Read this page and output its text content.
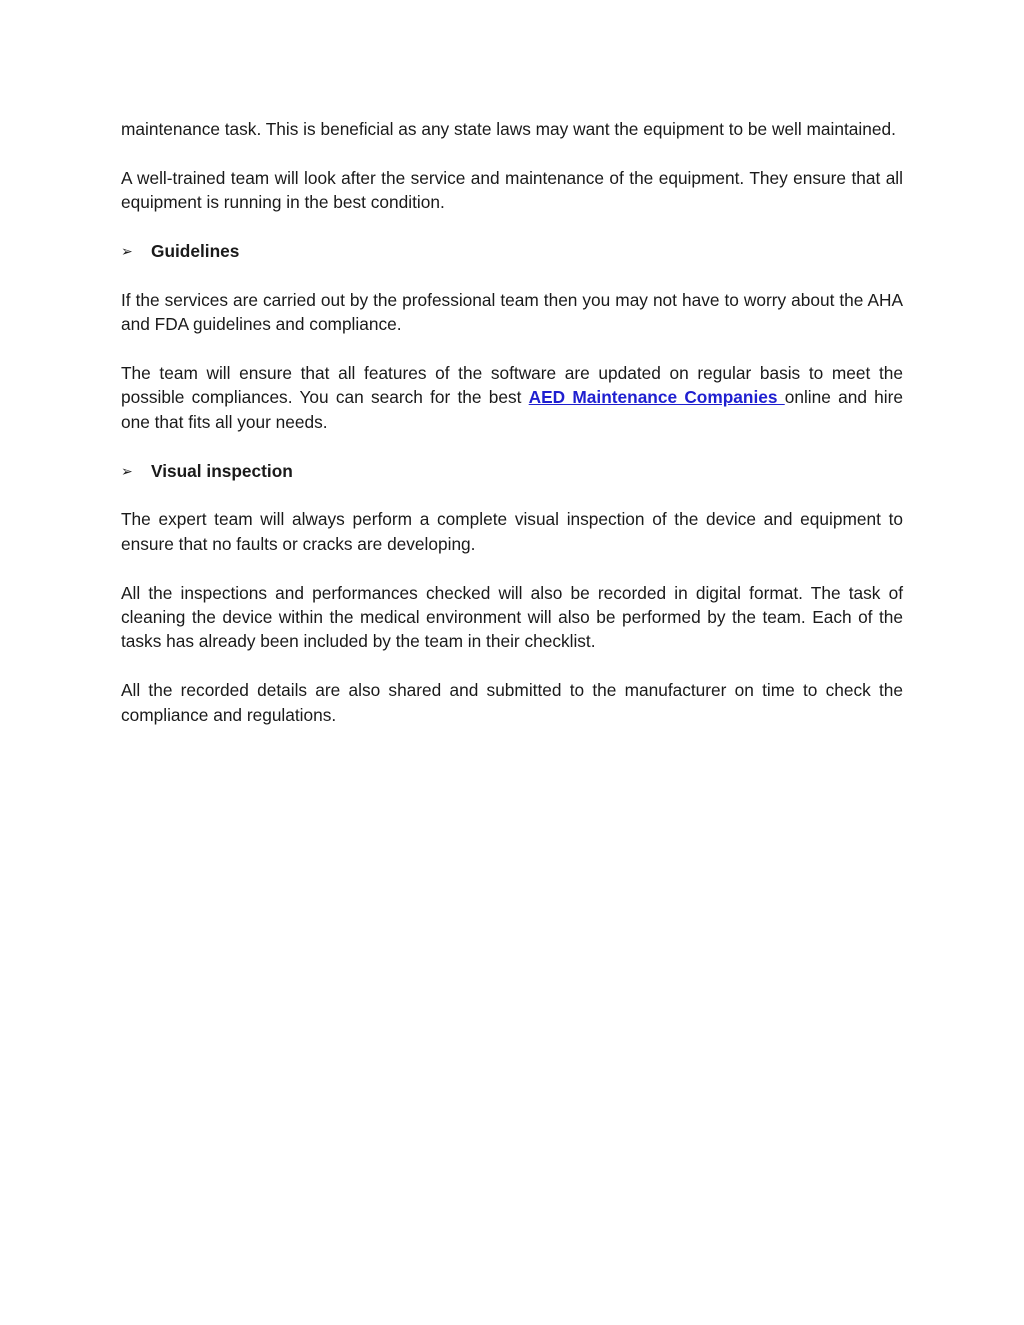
maintenance task. This is beneficial as any state laws may want the equipment to be well maintained.

A well-trained team will look after the service and maintenance of the equipment. They ensure that all equipment is running in the best condition.

➢	Guidelines

If the services are carried out by the professional team then you may not have to worry about the AHA and FDA guidelines and compliance.

The team will ensure that all features of the software are updated on regular basis to meet the possible compliances. You can search for the best AED Maintenance Companies online and hire one that fits all your needs.

➢	Visual inspection

The expert team will always perform a complete visual inspection of the device and equipment to ensure that no faults or cracks are developing.

All the inspections and performances checked will also be recorded in digital format. The task of cleaning the device within the medical environment will also be performed by the team. Each of the tasks has already been included by the team in their checklist.

All the recorded details are also shared and submitted to the manufacturer on time to check the compliance and regulations.
